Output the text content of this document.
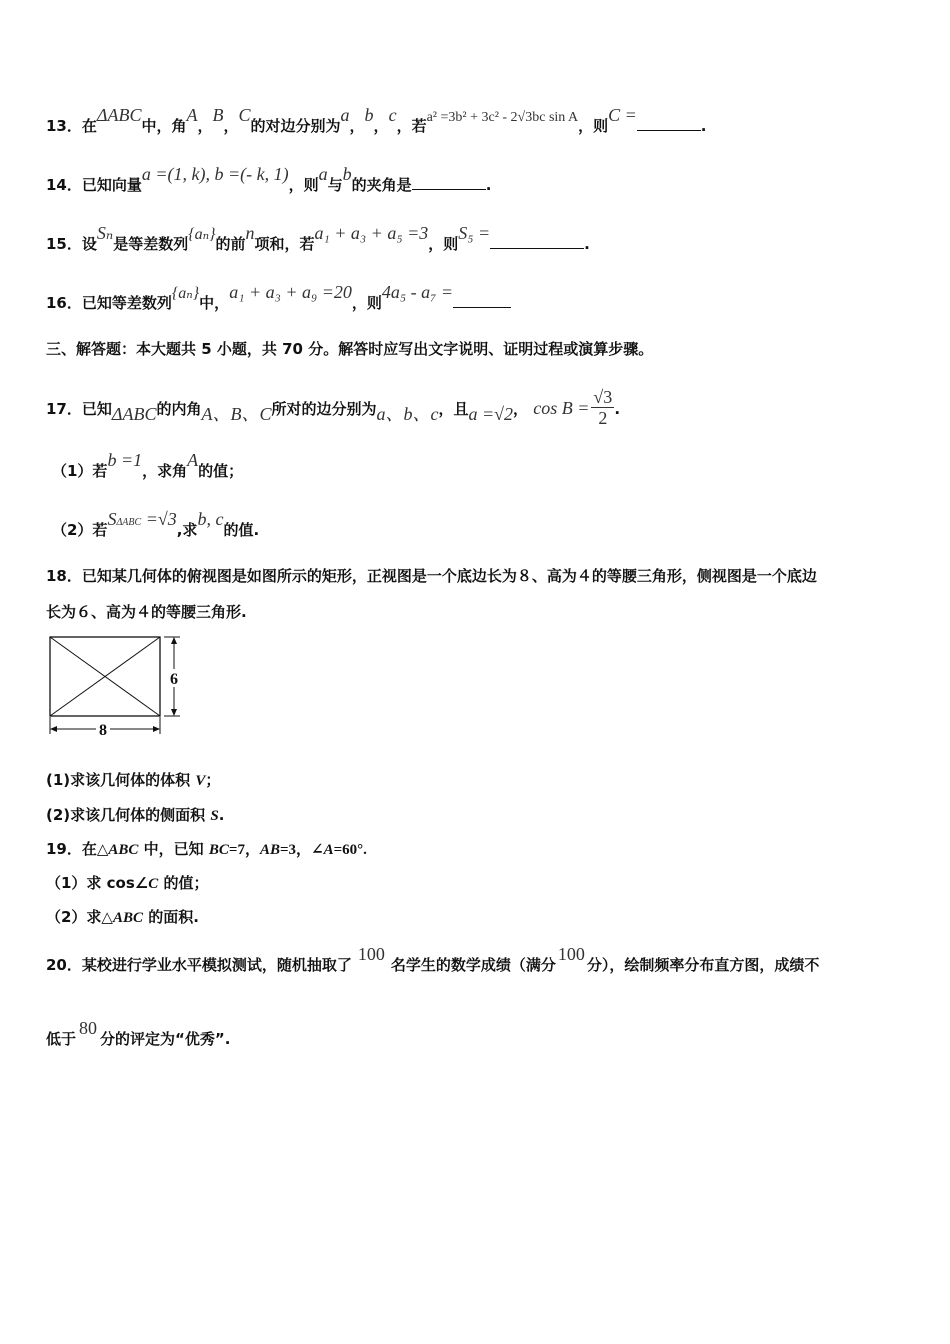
13．在ΔABC中，角A，B，C的对边分别为a，b，c，若a² =3b² + 3c² - 2√3bc sin A，则C =.
14．已知向量a =(1, k), b =(- k, 1)，则a与b的夹角是	.
15．设Sₙ是等差数列{aₙ}的前n项和，若a₁ + a₃ + a₅ =3，则S₅ =.
16．已知等差数列{aₙ}中，a₁ + a₃ + a₉ =20，则4a₅ - a₇ =
三、解答题：本大题共 5 小题，共 70 分。解答时应写出文字说明、证明过程或演算步骤。
17．已知ΔABC的内角A、B、C所对的边分别为a、b、c，且a =√2， $\cos B = \frac{√3}{2}$ .
（1）若b =1，求角A的值；
（2）若$S^{\Delta ABC} =√3$,求b, c的值.
18．已知某几何体的俯视图是如图所示的矩形，正视图是一个底边长为８、高为４的等腰三角形，侧视图是一个底边
长为６、高为４的等腰三角形.
6
8
(1)求该几何体的体积 V；
(2)求该几何体的侧面积 S.
19．在△ABC 中，已知 BC=7，AB=3，∠A=60°.
（1）求 cos∠C 的值；
（2）求△ABC 的面积.
20．某校进行学业水平模拟测试，随机抽取了100名学生的数学成绩（满分100分），绘制频率分布直方图，成绩不
低于80分的评定为“优秀”.
